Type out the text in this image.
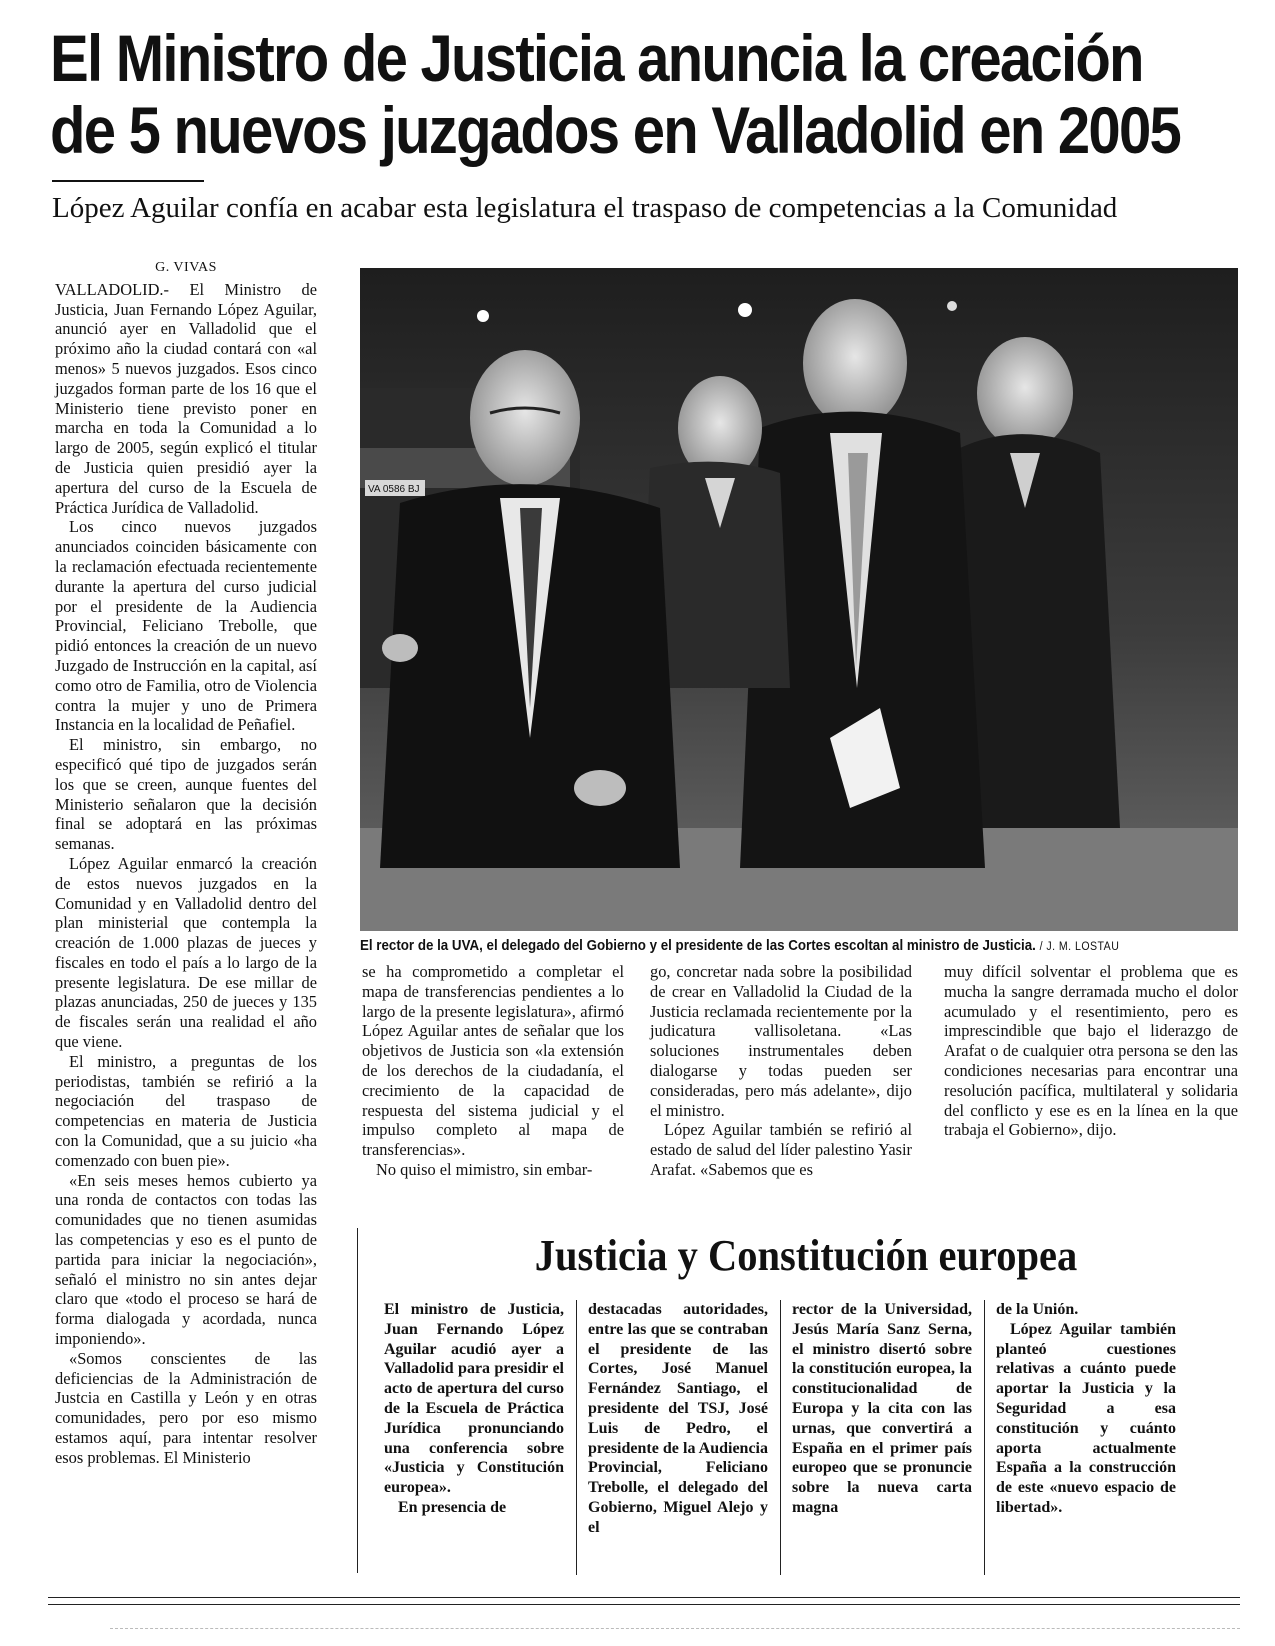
El Ministro de Justicia anuncia la creación
de 5 nuevos juzgados en Valladolid en 2005
López Aguilar confía en acabar esta legislatura el traspaso de competencias a la Comunidad
G. VIVAS

VALLADOLID.- El Ministro de Justicia, Juan Fernando López Aguilar, anunció ayer en Valladolid que el próximo año la ciudad contará con «al menos» 5 nuevos juzgados. Esos cinco juzgados forman parte de los 16 que el Ministerio tiene previsto poner en marcha en toda la Comunidad a lo largo de 2005, según explicó el titular de Justicia quien presidió ayer la apertura del curso de la Escuela de Práctica Jurídica de Valladolid.

Los cinco nuevos juzgados anunciados coinciden básicamente con la reclamación efectuada recientemente durante la apertura del curso judicial por el presidente de la Audiencia Provincial, Feliciano Trebolle, que pidió entonces la creación de un nuevo Juzgado de Instrucción en la capital, así como otro de Familia, otro de Violencia contra la mujer y uno de Primera Instancia en la localidad de Peñafiel.

El ministro, sin embargo, no especificó qué tipo de juzgados serán los que se creen, aunque fuentes del Ministerio señalaron que la decisión final se adoptará en las próximas semanas.

López Aguilar enmarcó la creación de estos nuevos juzgados en la Comunidad y en Valladolid dentro del plan ministerial que contempla la creación de 1.000 plazas de jueces y fiscales en todo el país a lo largo de la presente legislatura. De ese millar de plazas anunciadas, 250 de jueces y 135 de fiscales serán una realidad el año que viene.

El ministro, a preguntas de los periodistas, también se refirió a la negociación del traspaso de competencias en materia de Justicia con la Comunidad, que a su juicio «ha comenzado con buen pie».

«En seis meses hemos cubierto ya una ronda de contactos con todas las comunidades que no tienen asumidas las competencias y eso es el punto de partida para iniciar la negociación», señaló el ministro no sin antes dejar claro que «todo el proceso se hará de forma dialogada y acordada, nunca imponiendo».

«Somos conscientes de las deficiencias de la Administración de Justcia en Castilla y León y en otras comunidades, pero por eso mismo estamos aquí, para intentar resolver esos problemas. El Ministerio

VA 0586 BJ
El rector de la UVA, el delegado del Gobierno y el presidente de las Cortes escoltan al ministro de Justicia. / J. M. LOSTAU

se ha comprometido a completar el mapa de transferencias pendientes a lo largo de la presente legislatura», afirmó López Aguilar antes de señalar que los objetivos de Justicia son «la extensión de los derechos de la ciudadanía, el crecimiento de la capacidad de respuesta del sistema judicial y el impulso completo al mapa de transferencias».

No quiso el mimistro, sin embar-

go, concretar nada sobre la posibilidad de crear en Valladolid la Ciudad de la Justicia reclamada recientemente por la judicatura vallisoletana. «Las soluciones instrumentales deben dialogarse y todas pueden ser consideradas, pero más adelante», dijo el ministro.

López Aguilar también se refirió al estado de salud del líder palestino Yasir Arafat. «Sabemos que es

muy difícil solventar el problema que es mucha la sangre derramada mucho el dolor acumulado y el resentimiento, pero es imprescindible que bajo el liderazgo de Arafat o de cualquier otra persona se den las condiciones necesarias para encontrar una resolución pacífica, multilateral y solidaria del conflicto y ese es en la línea en la que trabaja el Gobierno», dijo.

Justicia y Constitución europea

El ministro de Justicia, Juan Fernando López Aguilar acudió ayer a Valladolid para presidir el acto de apertura del curso de la Escuela de Práctica Jurídica pronunciando una conferencia sobre «Justicia y Constitución europea».

En presencia de

destacadas autoridades, entre las que se contraban el presidente de las Cortes, José Manuel Fernández Santiago, el presidente del TSJ, José Luis de Pedro, el presidente de la Audiencia Provincial, Feliciano Trebolle, el delegado del Gobierno, Miguel Alejo y el

rector de la Universidad, Jesús María Sanz Serna, el ministro disertó sobre la constitución europea, la constitucionalidad de Europa y la cita con las urnas, que convertirá a España en el primer país europeo que se pronuncie sobre la nueva carta magna

de la Unión.

López Aguilar también planteó cuestiones relativas a cuánto puede aportar la Justicia y la Seguridad a esa constitución y cuánto aporta actualmente España a la construcción de este «nuevo espacio de libertad».
